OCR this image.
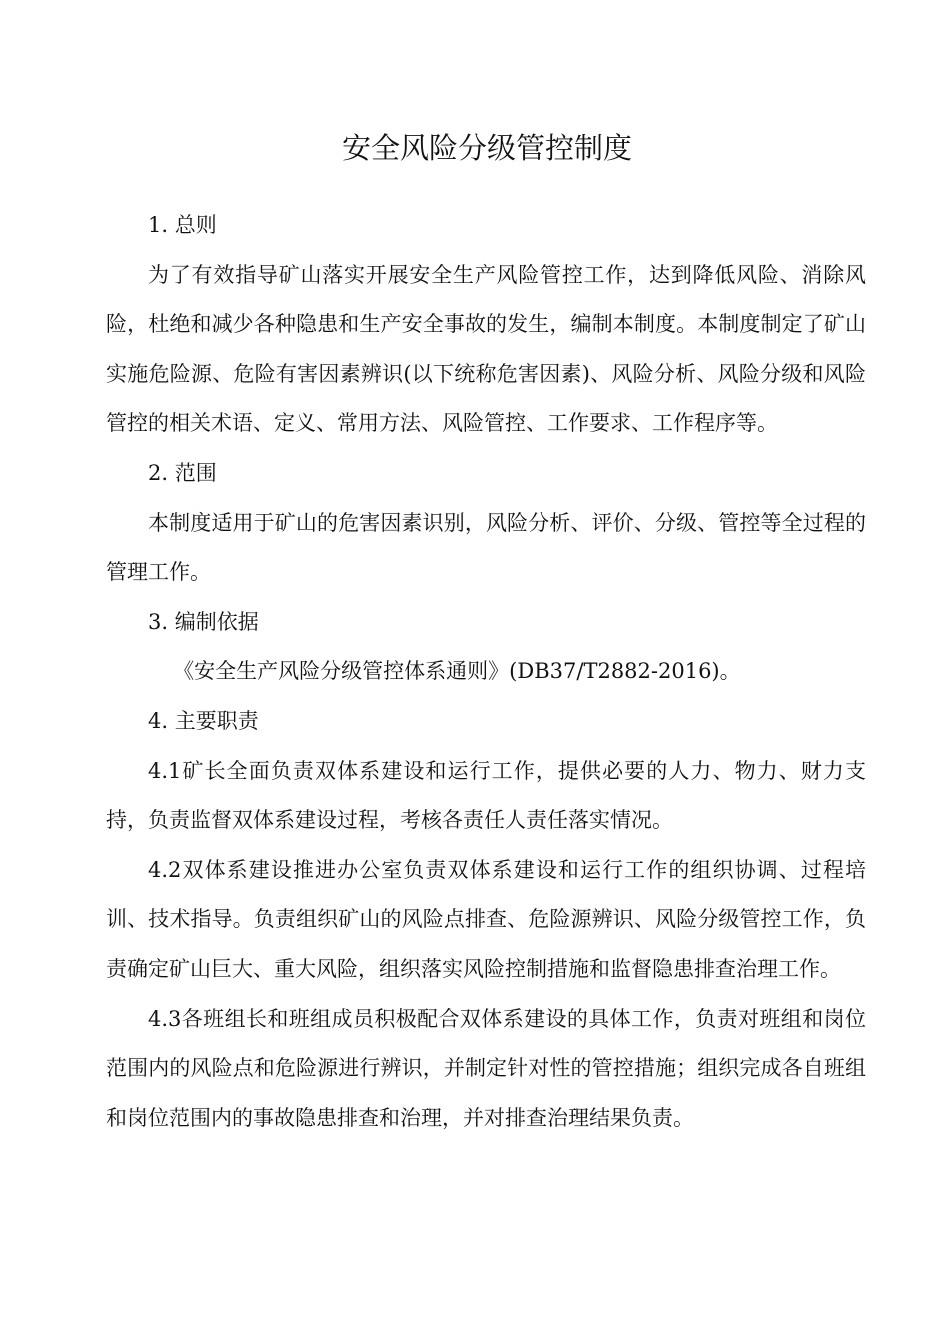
安全风险分级管控制度

1. 总则

为了有效指导矿山落实开展安全生产风险管控工作，达到降低风险、消除风险，杜绝和减少各种隐患和生产安全事故的发生，编制本制度。本制度制定了矿山实施危险源、危险有害因素辨识(以下统称危害因素)、风险分析、风险分级和风险管控的相关术语、定义、常用方法、风险管控、工作要求、工作程序等。

2. 范围

本制度适用于矿山的危害因素识别，风险分析、评价、分级、管控等全过程的管理工作。

3. 编制依据

《安全生产风险分级管控体系通则》(DB37/T2882-2016)。

4. 主要职责

4.1矿长全面负责双体系建设和运行工作，提供必要的人力、物力、财力支持，负责监督双体系建设过程，考核各责任人责任落实情况。

4.2双体系建设推进办公室负责双体系建设和运行工作的组织协调、过程培训、技术指导。负责组织矿山的风险点排查、危险源辨识、风险分级管控工作，负责确定矿山巨大、重大风险，组织落实风险控制措施和监督隐患排查治理工作。

4.3各班组长和班组成员积极配合双体系建设的具体工作，负责对班组和岗位范围内的风险点和危险源进行辨识，并制定针对性的管控措施；组织完成各自班组和岗位范围内的事故隐患排查和治理，并对排查治理结果负责。
